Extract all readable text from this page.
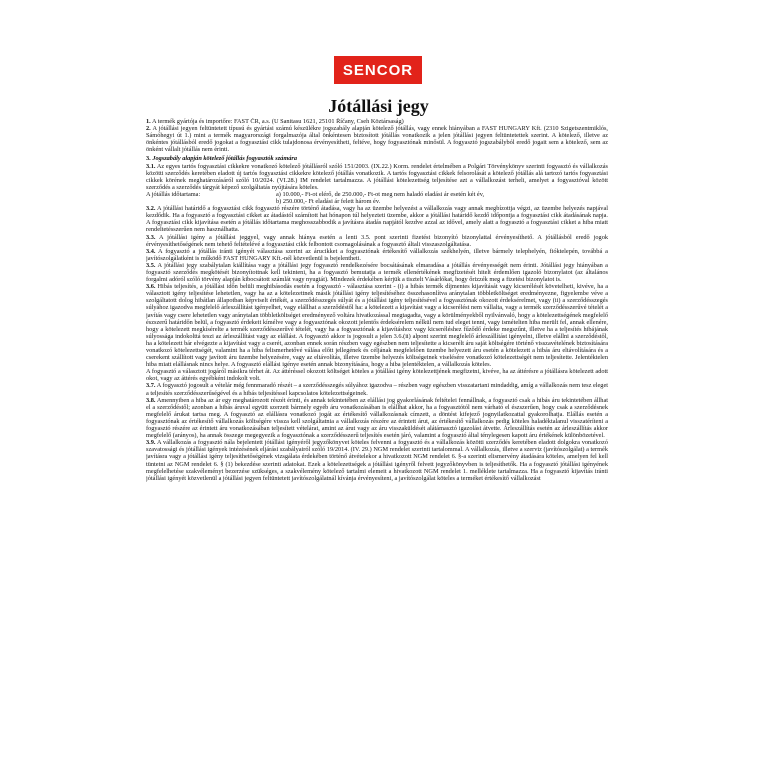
SENCOR
Jótállási jegy

1. A termék gyártója és importőre: FAST ČR, a.s. (U Sanitasu 1621, 25101 Říčany, Cseh Köztársaság)

2. A jótállási jegyen feltüntetett típusú és gyártási számú készülékre jogszabály alapján kötelező jótállás, vagy ennek hiányában a FAST HUNGARY Kft. (2310 Szigetszentmiklós, Sámóhegyi út 1.) mint a termék magyarországi forgalmazója által önkéntesen biztosított jótállás vonatkozik a jelen jótállási jegyen feltüntetettek szerint. A kötelező, illetve az önkéntes jótállásból eredő jogokat a fogyasztási cikk tulajdonosa érvényesítheti, feltéve, hogy fogyasztónak minősül. A fogyasztó jogszabályból eredő jogait sem a kötelező, sem az önként vállalt jótállás nem érinti.

3. Jogszabály alapján kötelező jótállás fogyasztók számára

3.1. Az egyes tartós fogyasztási cikkekre vonatkozó kötelező jótállásról szóló 151/2003. (IX.22.) Korm. rendelet értelmében a Polgári Törvénykönyv szerinti fogyasztó és vállalkozás közötti szerződés keretében eladott új tartós fogyasztási cikkekre kötelező jótállás vonatkozik. A tartós fogyasztási cikkek felsorolását a kötelező jótállás alá tartozó tartós fogyasztási cikkek körének meghatározásáról szóló 10/2024. (VI.28.) IM rendelet tartalmazza. A jótállási kötelezettség teljesítése azt a vállalkozást terheli, amelyet a fogyasztóval között szerződés a szerződés tárgyát képező szolgáltatás nyújtására köteles.

A jótállás időtartama:	a) 10.000,- Ft-ot elérő, de 250.000,- Ft-ot meg nem haladó eladási ár esetén két év,

b) 250.000,- Ft eladási ár felett három év.

3.2. A jótállási határidő a fogyasztási cikk fogyasztó részére történő átadása, vagy ha az üzembe helyezést a vállalkozás vagy annak megbízottja végzi, az üzembe helyezés napjával kezdődik. Ha a fogyasztó a fogyasztási cikket az átadástól számított hat hónapon túl helyezteti üzembe, akkor a jótállási határidő kezdő időpontja a fogyasztási cikk átadásának napja. A fogyasztási cikk kijavítása esetén a jótállás időtartama meghosszabbodik a javításra átadás napjától kezdve azzal az idővel, amely alatt a fogyasztó a fogyasztási cikket a hiba miatt rendeltetésszerűen nem használhatta.

3.3. A jótállási igény a jótállási jeggyel, vagy annak hiánya esetén a lenti 3.5. pont szerinti fizetést bizonyító bizonylattal érvényesíthető. A jótállásból eredő jogok érvényesíthetőségének nem tehető feltételévé a fogyasztási cikk felbontott csomagolásának a fogyasztó általi visszaszolgáltatása.

3.4. A fogyasztó a jótállás iránti igényét választása szerint az árucikket a fogyasztónak értékesítő vállalkozás székhelyén, illetve bármely telephelyén, fióktelepén, továbbá a javítószolgálatként is működő FAST HUNGARY Kft.-nél közvetlenül is bejelentheti.

3.5. A jótállási jegy szabálytalan kiállítása vagy a jótállási jegy fogyasztó rendelkezésére bocsátásának elmaradása a jótállás érvényességét nem érinti. Jótállási jegy hiányában a fogyasztó szerződés megkötését bizonyítottnak kell tekinteni, ha a fogyasztó bemutatja a termék ellenértékének megfizetését hitelt érdemlően igazoló bizonylatot (az általános forgalmi adóról szóló törvény alapján kibocsátott számlát vagy nyugtát). Mindezek érdekében kérjük a tisztelt Vásárlókat, hogy őrizzék meg a fizetési bizonylatot is.

3.6. Hibás teljesítés, a jótállási időn belüli meghibásodás esetén a fogyasztó - választása szerint - (i) a hibás termék díjmentes kijavítását vagy kicserélését követelheti, kivéve, ha a választott igény teljesítése lehetetlen, vagy ha az a kötelezettnek másik jótállási igény teljesítéséhez összehasonlítva aránytalan többletköltséget eredményezne, figyelembe véve a szolgáltatott dolog hibátlan állapotban képviselt értékét, a szerződésszegés súlyát és a jótállási igény teljesítésével a fogyasztónak okozott érdeksérelmet, vagy (ii) a szerződésszegés súlyához igazodva megfelelő árleszállítást igényelhet, vagy elállhat a szerződéstől ha: a kötelezett a kijavítást vagy a kicserélést nem vállalta, vagy a termék szerződésszerűvé tételét a javítás vagy csere lehetetlen vagy aránytalan többletköltséget eredményező voltára hivatkozással megtagadta, vagy a körülményekből nyilvánvaló, hogy a kötelezettségének megfelelő észszerű határidőn belül, a fogyasztó érdekeit kímélve vagy a fogyasztónak okozott jelentős érdeksérelem nélkül nem tud eleget tenni, vagy ismételten hiba merült fel, annak ellenére, hogy a kötelezett megkísérelte a termék szerződésszerűvé tételét, vagy ha a fogyasztónak a kijavításhoz vagy kicseréléshez fűződő érdeke megszűnt, illetve ha a teljesítés hibájának súlyossága indokolttá teszi az árleszállítást vagy az elállást. A fogyasztó akkor is jogosult a jelen 3.6.(ii) alpont szerint megfelelő árleszállítást igényelni, illetve elállni a szerződéstől, ha a kötelezett bár elvégezte a kijavítást vagy a cserét, azonban ennek során részben vagy egészben nem teljesítette a kicserélt áru saját költségére történő visszavételének biztosítására vonatkozó kötelezettségét, valamint ha a hiba felismerhetővé válása előtt jellegének és céljának megfelelően üzembe helyezett áru esetén a kötelezett a hibás áru eltávolítására és a cserekent szállított vagy javított áru üzembe helyezésére, vagy az eltávolítás, illetve üzembe helyezés költségeinek viselésére vonatkozó kötelezettségét nem teljesítette. Jelentéktelen hiba miatt elállásnak nincs helye. A fogyasztó elállási igénye esetén annak bizonyítására, hogy a hiba jelentéktelen, a vállalkozás köteles.

A fogyasztó a választott jogáról másikra térhet át. Az áttéréssel okozott költséget köteles a jótállási igény kötelezettjének megfizetni, kivéve, ha az áttérésre a jótállásra kötelezett adott okot, vagy az áttérés egyébként indokolt volt.

3.7. A fogyasztó jogosult a vételár még fennmaradó részét – a szerződésszegés súlyához igazodva – részben vagy egészben visszatartani mindaddig, amíg a vállalkozás nem tesz eleget a teljesítés szerződésszerűségével és a hibás teljesítéssel kapcsolatos kötelezettségeinek.

3.8. Amennyiben a hiba az ár egy meghatározott részét érinti, és annak tekintetében az elállási jog gyakorlásának feltételei fennállnak, a fogyasztó csak a hibás áru tekintetében állhat el a szerződéstől; azonban a hibás áruval együtt szerzett bármely egyéb áru vonatkozásában is elállhat akkor, ha a fogyasztótól nem várható el észszerűen, hogy csak a szerződésnek megfelelő árukat tartsa meg. A fogyasztó az elállásra vonatkozó jogát az értékesítő vállalkozásnak címzett, a döntést kifejező jognyilatkozattal gyakorolhatja. Elállás esetén a fogyasztónak az értékesítő vállalkozás költségére vissza kell szolgáltatnia a vállalkozás részére az érintett árut, az értékesítő vállalkozás pedig köteles haladéktalanul visszatéríteni a fogyasztó részére az érintett áru vonatkozásában teljesített vételárat, amint az árut vagy az áru visszaküldését alátámasztó igazolást átvette. Árleszállítás esetén az árleszállítás akkor megfelelő (arányos), ha annak összege megegyezik a fogyasztónak a szerződésszerű teljesítés esetén járó, valamint a fogyasztó által ténylegesen kapott áru értékének különbözetével.

3.9. A vállalkozás a fogyasztó nála bejelentett jótállási igényéről jegyzőkönyvet köteles felvenni a fogyasztó és a vállalkozás közötti szerződés keretében eladott dolgokra vonatkozó szavatossági és jótállási igények intézésének eljárási szabályairól szóló 19/2014. (IV. 29.) NGM rendelet szerinti tartalommal. A vállalkozás, illetve a szerviz (javítószolgálat) a termék javításra vagy a jótállási igény teljesíthetőségének vizsgálata érdekében történő átvételekor a hivatkozott NGM rendelet 6. §-a szerinti elismervény átadására köteles, amelyen fel kell tüntetni az NGM rendelet 6. § (1) bekezdése szerinti adatokat. Ezek a kötelezettségek a jótállási igényről felvett jegyzőkönyvben is teljesíthetők. Ha a fogyasztó jótállási igényének megfelelhetése szakvéleményt bezerzése szükséges, a szakvélemény kötelező tartalmi elemeit a hivatkozott NGM rendelet 1. melléklete tartalmazza. Ha a fogyasztó kijavítás iránti jótállási igényét közvetlenül a jótállási jegyen feltüntetett javítószolgálatnál kívánja érvényesíteni, a javítószolgálat köteles a terméket értékesítő vállalkozást
